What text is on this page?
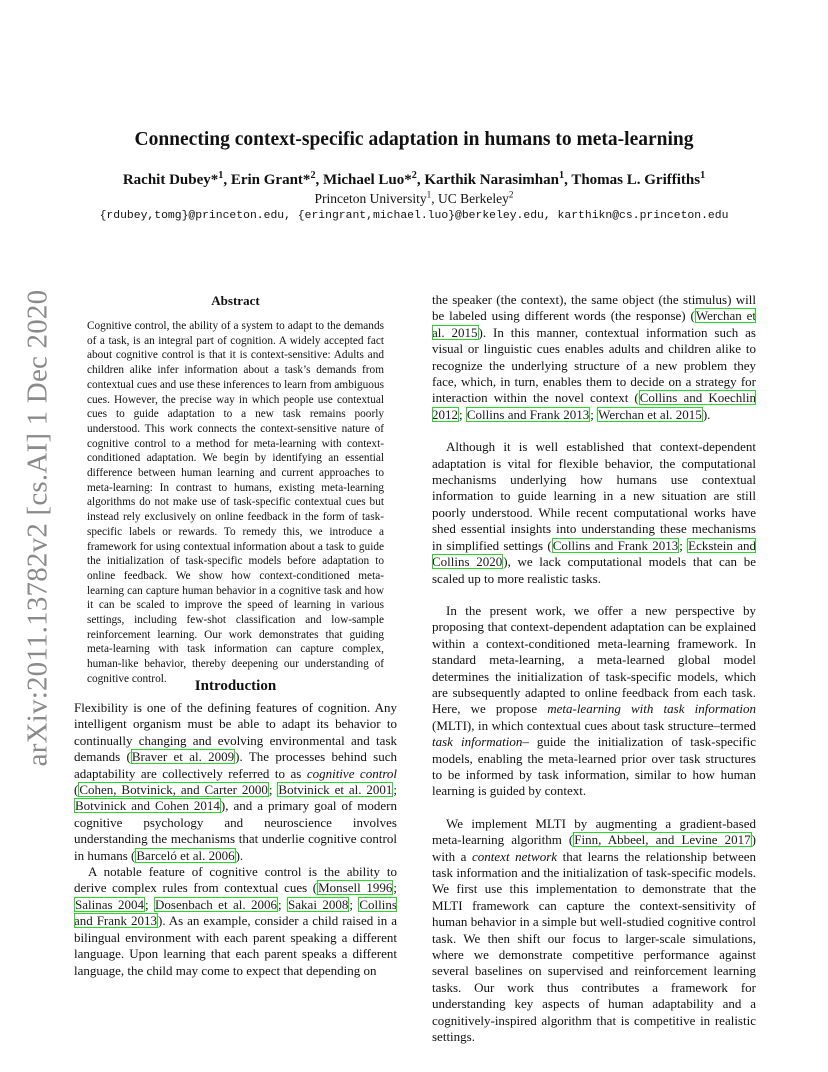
arXiv:2011.13782v2 [cs.AI] 1 Dec 2020
Connecting context-specific adaptation in humans to meta-learning
Rachit Dubey*$^1$, Erin Grant*$^2$, Michael Luo*$^2$, Karthik Narasimhan$^1$, Thomas L. Griffiths$^1$
Princeton University$^1$, UC Berkeley$^2$
{rdubey,tomg}@princeton.edu, {eringrant,michael.luo}@berkeley.edu, karthikn@cs.princeton.edu
Abstract
Cognitive control, the ability of a system to adapt to the demands of a task, is an integral part of cognition. A widely accepted fact about cognitive control is that it is context-sensitive: Adults and children alike infer information about a task’s demands from contextual cues and use these inferences to learn from ambiguous cues. However, the precise way in which people use contextual cues to guide adaptation to a new task remains poorly understood. This work connects the context-sensitive nature of cognitive control to a method for meta-learning with context-conditioned adaptation. We begin by identifying an essential difference between human learning and current approaches to meta-learning: In contrast to humans, existing meta-learning algorithms do not make use of task-specific contextual cues but instead rely exclusively on online feedback in the form of task-specific labels or rewards. To remedy this, we introduce a framework for using contextual information about a task to guide the initialization of task-specific models before adaptation to online feedback. We show how context-conditioned meta-learning can capture human behavior in a cognitive task and how it can be scaled to improve the speed of learning in various settings, including few-shot classification and low-sample reinforcement learning. Our work demonstrates that guiding meta-learning with task information can capture complex, human-like behavior, thereby deepening our understanding of cognitive control.	Introduction

Flexibility is one of the defining features of cognition. Any intelligent organism must be able to adapt its behavior to continually changing and evolving environmental and task demands (Braver et al. 2009). The processes behind such adaptability are collectively referred to as cognitive control (Cohen, Botvinick, and Carter 2000; Botvinick et al. 2001; Botvinick and Cohen 2014), and a primary goal of modern cognitive psychology and neuroscience involves understanding the mechanisms that underlie cognitive control in humans (Barceló et al. 2006).

A notable feature of cognitive control is the ability to derive complex rules from contextual cues (Monsell 1996; Salinas 2004; Dosenbach et al. 2006; Sakai 2008; Collins and Frank 2013). As an example, consider a child raised in a bilingual environment with each parent speaking a different language. Upon learning that each parent speaks a different language, the child may come to expect that depending on

the speaker (the context), the same object (the stimulus) will be labeled using different words (the response) (Werchan et al. 2015). In this manner, contextual information such as visual or linguistic cues enables adults and children alike to recognize the underlying structure of a new problem they face, which, in turn, enables them to decide on a strategy for interaction within the novel context (Collins and Koechlin 2012; Collins and Frank 2013; Werchan et al. 2015).

Although it is well established that context-dependent adaptation is vital for flexible behavior, the computational mechanisms underlying how humans use contextual information to guide learning in a new situation are still poorly understood. While recent computational works have shed essential insights into understanding these mechanisms in simplified settings (Collins and Frank 2013; Eckstein and Collins 2020), we lack computational models that can be scaled up to more realistic tasks.

In the present work, we offer a new perspective by proposing that context-dependent adaptation can be explained within a context-conditioned meta-learning framework. In standard meta-learning, a meta-learned global model determines the initialization of task-specific models, which are subsequently adapted to online feedback from each task. Here, we propose meta-learning with task information (MLTI), in which contextual cues about task structure–termed task information– guide the initialization of task-specific models, enabling the meta-learned prior over task structures to be informed by task information, similar to how human learning is guided by context.

We implement MLTI by augmenting a gradient-based meta-learning algorithm (Finn, Abbeel, and Levine 2017) with a context network that learns the relationship between task information and the initialization of task-specific models. We first use this implementation to demonstrate that the MLTI framework can capture the context-sensitivity of human behavior in a simple but well-studied cognitive control task. We then shift our focus to larger-scale simulations, where we demonstrate competitive performance against several baselines on supervised and reinforcement learning tasks. Our work thus contributes a framework for understanding key aspects of human adaptability and a cognitively-inspired algorithm that is competitive in realistic settings.
